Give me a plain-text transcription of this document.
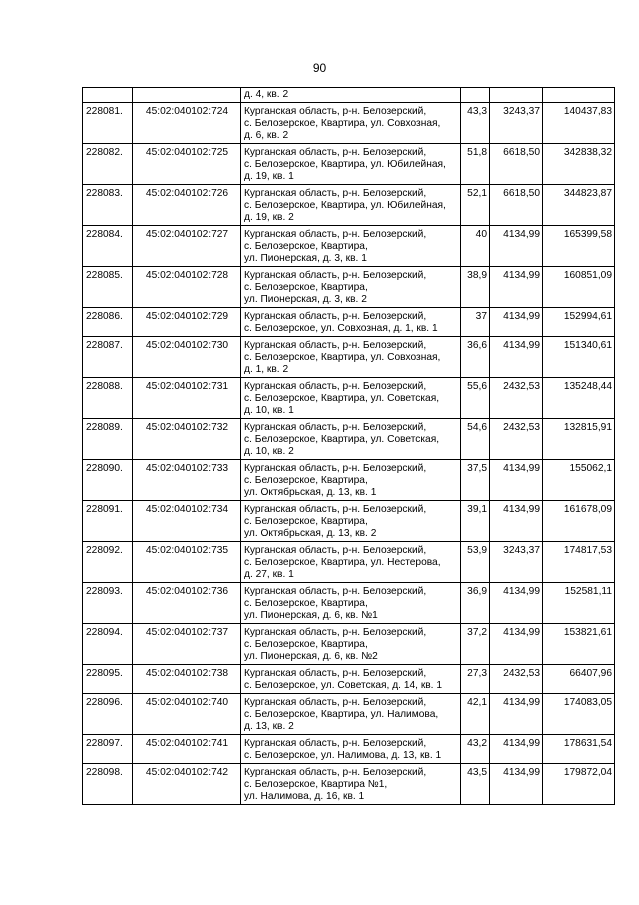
90

		д. 4, кв. 2			

228081.	45:02:040102:724	Курганская область, р-н. Белозерский,
с. Белозерское, Квартира, ул. Совхозная,
д. 6, кв. 2	43,3	3243,37	140437,83
228082.	45:02:040102:725	Курганская область, р-н. Белозерский,
с. Белозерское, Квартира, ул. Юбилейная,
д. 19, кв. 1	51,8	6618,50	342838,32
228083.	45:02:040102:726	Курганская область, р-н. Белозерский,
с. Белозерское, Квартира, ул. Юбилейная,
д. 19, кв. 2	52,1	6618,50	344823,87
228084.	45:02:040102:727	Курганская область, р-н. Белозерский,
с. Белозерское, Квартира,
ул. Пионерская, д. 3, кв. 1	40	4134,99	165399,58
228085.	45:02:040102:728	Курганская область, р-н. Белозерский,
с. Белозерское, Квартира,
ул. Пионерская, д. 3, кв. 2	38,9	4134,99	160851,09
228086.	45:02:040102:729	Курганская область, р-н. Белозерский,
с. Белозерское, ул. Совхозная, д. 1, кв. 1	37	4134,99	152994,61
228087.	45:02:040102:730	Курганская область, р-н. Белозерский,
с. Белозерское, Квартира, ул. Совхозная,
д. 1, кв. 2	36,6	4134,99	151340,61
228088.	45:02:040102:731	Курганская область, р-н. Белозерский,
с. Белозерское, Квартира, ул. Советская,
д. 10, кв. 1	55,6	2432,53	135248,44
228089.	45:02:040102:732	Курганская область, р-н. Белозерский,
с. Белозерское, Квартира, ул. Советская,
д. 10, кв. 2	54,6	2432,53	132815,91
228090.	45:02:040102:733	Курганская область, р-н. Белозерский,
с. Белозерское, Квартира,
ул. Октябрьская, д. 13, кв. 1	37,5	4134,99	155062,1
228091.	45:02:040102:734	Курганская область, р-н. Белозерский,
с. Белозерское, Квартира,
ул. Октябрьская, д. 13, кв. 2	39,1	4134,99	161678,09
228092.	45:02:040102:735	Курганская область, р-н. Белозерский,
с. Белозерское, Квартира, ул. Нестерова,
д. 27, кв. 1	53,9	3243,37	174817,53
228093.	45:02:040102:736	Курганская область, р-н. Белозерский,
с. Белозерское, Квартира,
ул. Пионерская, д. 6, кв. №1	36,9	4134,99	152581,11
228094.	45:02:040102:737	Курганская область, р-н. Белозерский,
с. Белозерское, Квартира,
ул. Пионерская, д. 6, кв. №2	37,2	4134,99	153821,61
228095.	45:02:040102:738	Курганская область, р-н. Белозерский,
с. Белозерское, ул. Советская, д. 14, кв. 1	27,3	2432,53	66407,96
228096.	45:02:040102:740	Курганская область, р-н. Белозерский,
с. Белозерское, Квартира, ул. Налимова,
д. 13, кв. 2	42,1	4134,99	174083,05
228097.	45:02:040102:741	Курганская область, р-н. Белозерский,
с. Белозерское, ул. Налимова, д. 13, кв. 1	43,2	4134,99	178631,54
228098.	45:02:040102:742	Курганская область, р-н. Белозерский,
с. Белозерское, Квартира №1,
ул. Налимова, д. 16, кв. 1	43,5	4134,99	179872,04
